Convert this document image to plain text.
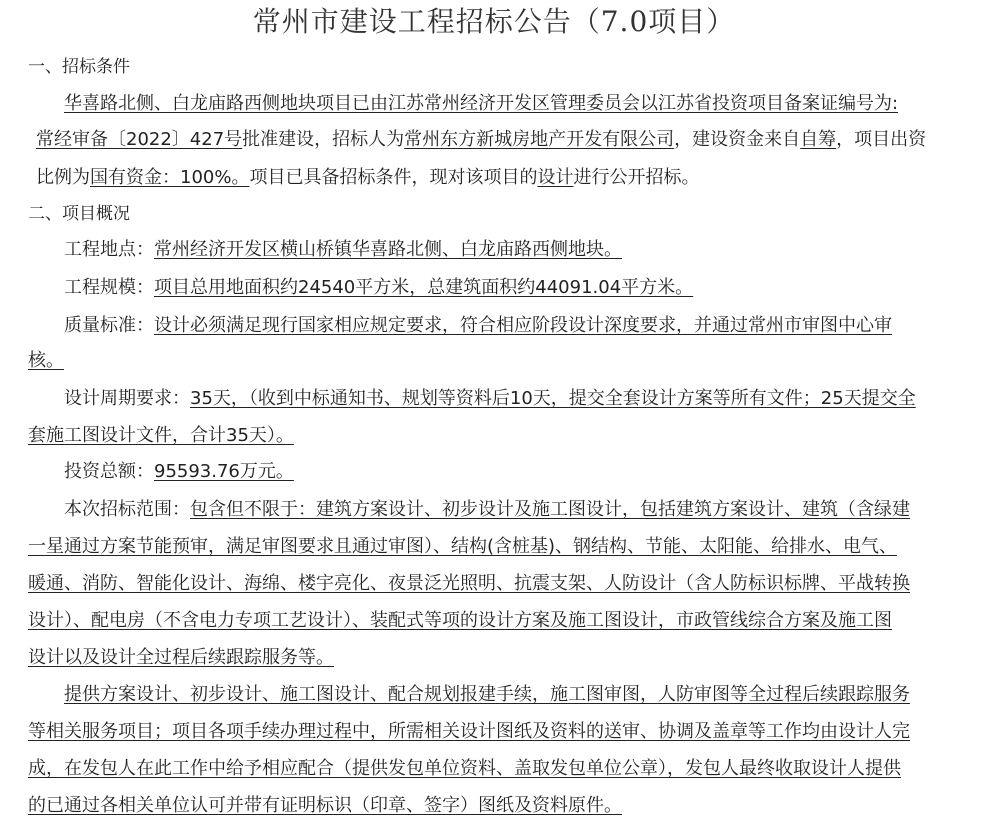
常州市建设工程招标公告（7.0项目）
一、招标条件
华喜路北侧、白龙庙路西侧地块项目已由江苏常州经济开发区管理委员会以江苏省投资项目备案证编号为:
常经审备〔2022〕427号批准建设，招标人为常州东方新城房地产开发有限公司，建设资金来自自筹，项目出资
比例为国有资金：100%。项目已具备招标条件，现对该项目的设计进行公开招标。
二、项目概况
工程地点：常州经济开发区横山桥镇华喜路北侧、白龙庙路西侧地块。
工程规模：项目总用地面积约24540平方米，总建筑面积约44091.04平方米。
质量标准：设计必须满足现行国家相应规定要求，符合相应阶段设计深度要求，并通过常州市审图中心审
核。
设计周期要求：35天，（收到中标通知书、规划等资料后10天，提交全套设计方案等所有文件；25天提交全
套施工图设计文件，合计35天）。
投资总额：95593.76万元。
本次招标范围：包含但不限于：建筑方案设计、初步设计及施工图设计，包括建筑方案设计、建筑（含绿建
一星通过方案节能预审，满足审图要求且通过审图）、结构(含桩基)、钢结构、节能、太阳能、给排水、电气、
暖通、消防、智能化设计、海绵、楼宇亮化、夜景泛光照明、抗震支架、人防设计（含人防标识标牌、平战转换
设计）、配电房（不含电力专项工艺设计）、装配式等项的设计方案及施工图设计，市政管线综合方案及施工图
设计以及设计全过程后续跟踪服务等。
提供方案设计、初步设计、施工图设计、配合规划报建手续，施工图审图，人防审图等全过程后续跟踪服务
等相关服务项目；项目各项手续办理过程中，所需相关设计图纸及资料的送审、协调及盖章等工作均由设计人完
成，在发包人在此工作中给予相应配合（提供发包单位资料、盖取发包单位公章），发包人最终收取设计人提供
的已通过各相关单位认可并带有证明标识（印章、签字）图纸及资料原件。
